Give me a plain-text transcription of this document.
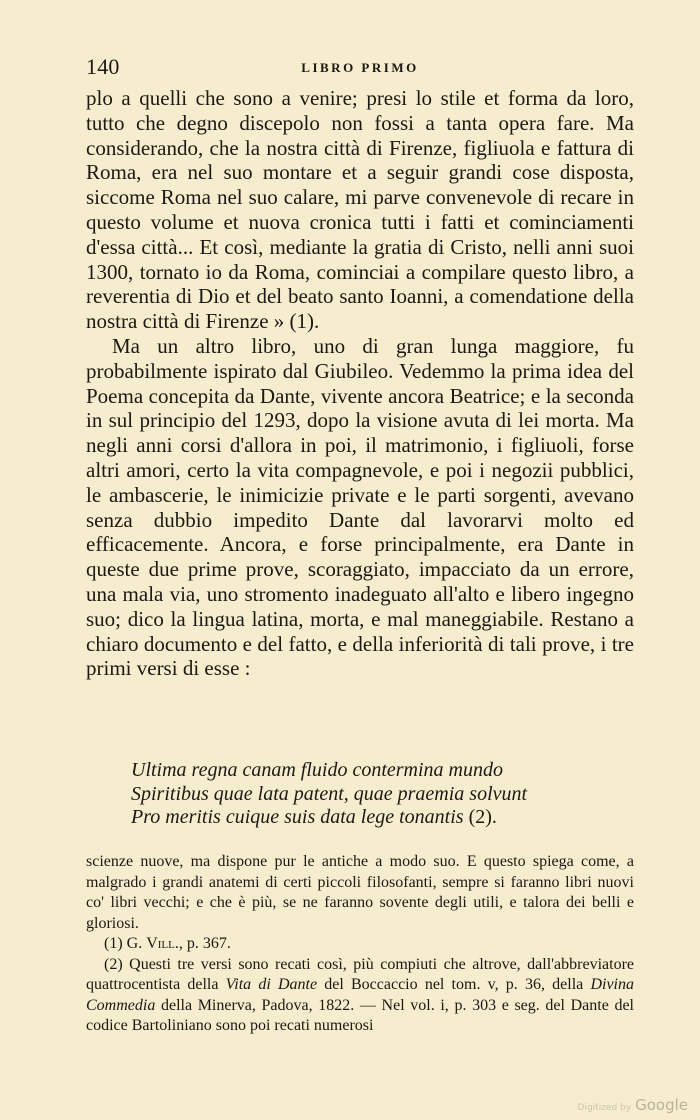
140	LIBRO PRIMO

plo a quelli che sono a venire; presi lo stile et forma da loro, tutto che degno discepolo non fossi a tanta opera fare. Ma considerando, che la nostra città di Firenze, figliuola e fattura di Roma, era nel suo montare et a seguir grandi cose disposta, siccome Roma nel suo calare, mi parve convenevole di recare in questo volume et nuova cronica tutti i fatti et cominciamenti d'essa città... Et così, mediante la gratia di Cristo, nelli anni suoi 1300, tornato io da Roma, cominciai a compilare questo libro, a reverentia di Dio et del beato santo Ioanni, a comendatione della nostra città di Firenze » (1).

Ma un altro libro, uno di gran lunga maggiore, fu probabilmente ispirato dal Giubileo. Vedemmo la prima idea del Poema concepita da Dante, vivente ancora Beatrice; e la seconda in sul principio del 1293, dopo la visione avuta di lei morta. Ma negli anni corsi d'allora in poi, il matrimonio, i figliuoli, forse altri amori, certo la vita compagnevole, e poi i negozii pubblici, le ambascerie, le inimicizie private e le parti sorgenti, avevano senza dubbio impedito Dante dal lavorarvi molto ed efficacemente. Ancora, e forse principalmente, era Dante in queste due prime prove, scoraggiato, impacciato da un errore, una mala via, uno stromento inadeguato all'alto e libero ingegno suo; dico la lingua latina, morta, e mal maneggiabile. Restano a chiaro documento e del fatto, e della inferiorità di tali prove, i tre primi versi di esse :

Ultima regna canam fluido contermina mundo
Spiritibus quae lata patent, quae praemia solvunt
Pro meritis cuique suis data lege tonantis (2).

scienze nuove, ma dispone pur le antiche a modo suo. E questo spiega come, a malgrado i grandi anatemi di certi piccoli filosofanti, sempre si faranno libri nuovi co' libri vecchi; e che è più, se ne faranno sovente degli utili, e talora dei belli e gloriosi.

(1) G. Vill., p. 367.

(2) Questi tre versi sono recati così, più compiuti che altrove, dall'abbreviatore quattrocentista della Vita di Dante del Boccaccio nel tom. v, p. 36, della Divina Commedia della Minerva, Padova, 1822. — Nel vol. i, p. 303 e seg. del Dante del codice Bartoliniano sono poi recati numerosi

Digitized by Google
